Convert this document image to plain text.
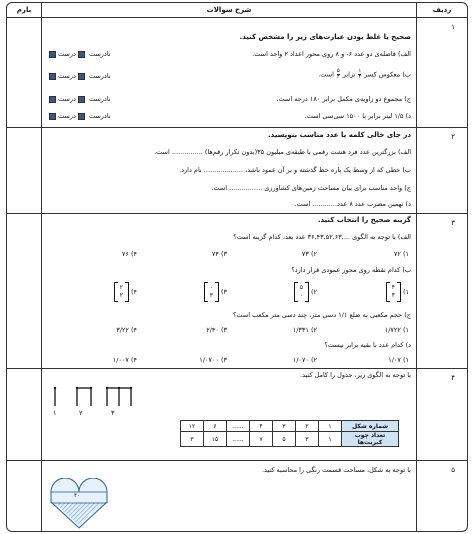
بارم	شرح سوالات	ردیف
۱
صحیح یا غلط بودن عبارت‌های زیر را مشخص کنید.
الف) فاصله‌ی دو عدد ۶- و ۸ روی محور اعداد ۲ واحد است.
نادرست درست
ب) معکوس کسر
$\frac{۱}{۴}$ برابر
$\frac{۵}{۴}$ است.
نادرست درست
ج) مجموع دو زاویه‌ی مکمل برابر ۱۸۰ درجه است.
نادرست درست
د) ۱/۵ لیتر برابر با ۱۵۰۰ سی‌سی است.
نادرست درست
۲
در جای خالی کلمه یا عدد مناسب بنویسید.
الف) بزرگترین عدد فرد هشت رقمی با طبقه‌ی میلیون ۳۵(بدون تکرار رقم‌ها) ............... است.
ب) خطی که از وسط یک پاره خط گذشته و بر آن عمود باشد، ................... نام دارد.
ج) واحد مناسب برای بیان مساحت زمین‌های کشاورزی ................ است.
د) نهمین مضرب عدد ۸ عدد............ است.
۳
گزینه صحیح را انتخاب کنید.
الف) با توجه به الگوی ...,۳۶,۴۳,۵۲,۶۳ عدد بعد، کدام گزینه است؟
۱) ۷۲
۲) ۷۳
۳) ۷۴
۴) ۷۶
ب) کدام نقطه روی محور عمودی قرار دارد؟
۱)
۴
۴
۲)
۵
۰
۳)
۰
۳
۴)
۲
۲
ج) حجم مکعبی به ضلع ۱/۱ دسی متر، چند دسی متر مکعب است؟
۱) ۱/۷۲۲
۲) ۱/۳۳۱
۳) ۲/۴۰
۴) ۳/۲۲
د) کدام عدد با بقیه برابر نیست؟
۱) ۱/۰۷
۲) ۱/۰۷۰
۳) ۱/۰۷۰۰
۴) ۱/۰۰۷
۴
با توجه به الگوی زیر، جدول را کامل کنید.
۱	۲	۳
شماره شکل	۱	۲	۳	۴	......	۶	۱۲
تعداد چوب کبریت‌ها	۱	۳	۵	۷	......	۱۵	۳
۵
با توجه به شکل، مساحت قسمت رنگی را محاسبه کنید.
۴۰
